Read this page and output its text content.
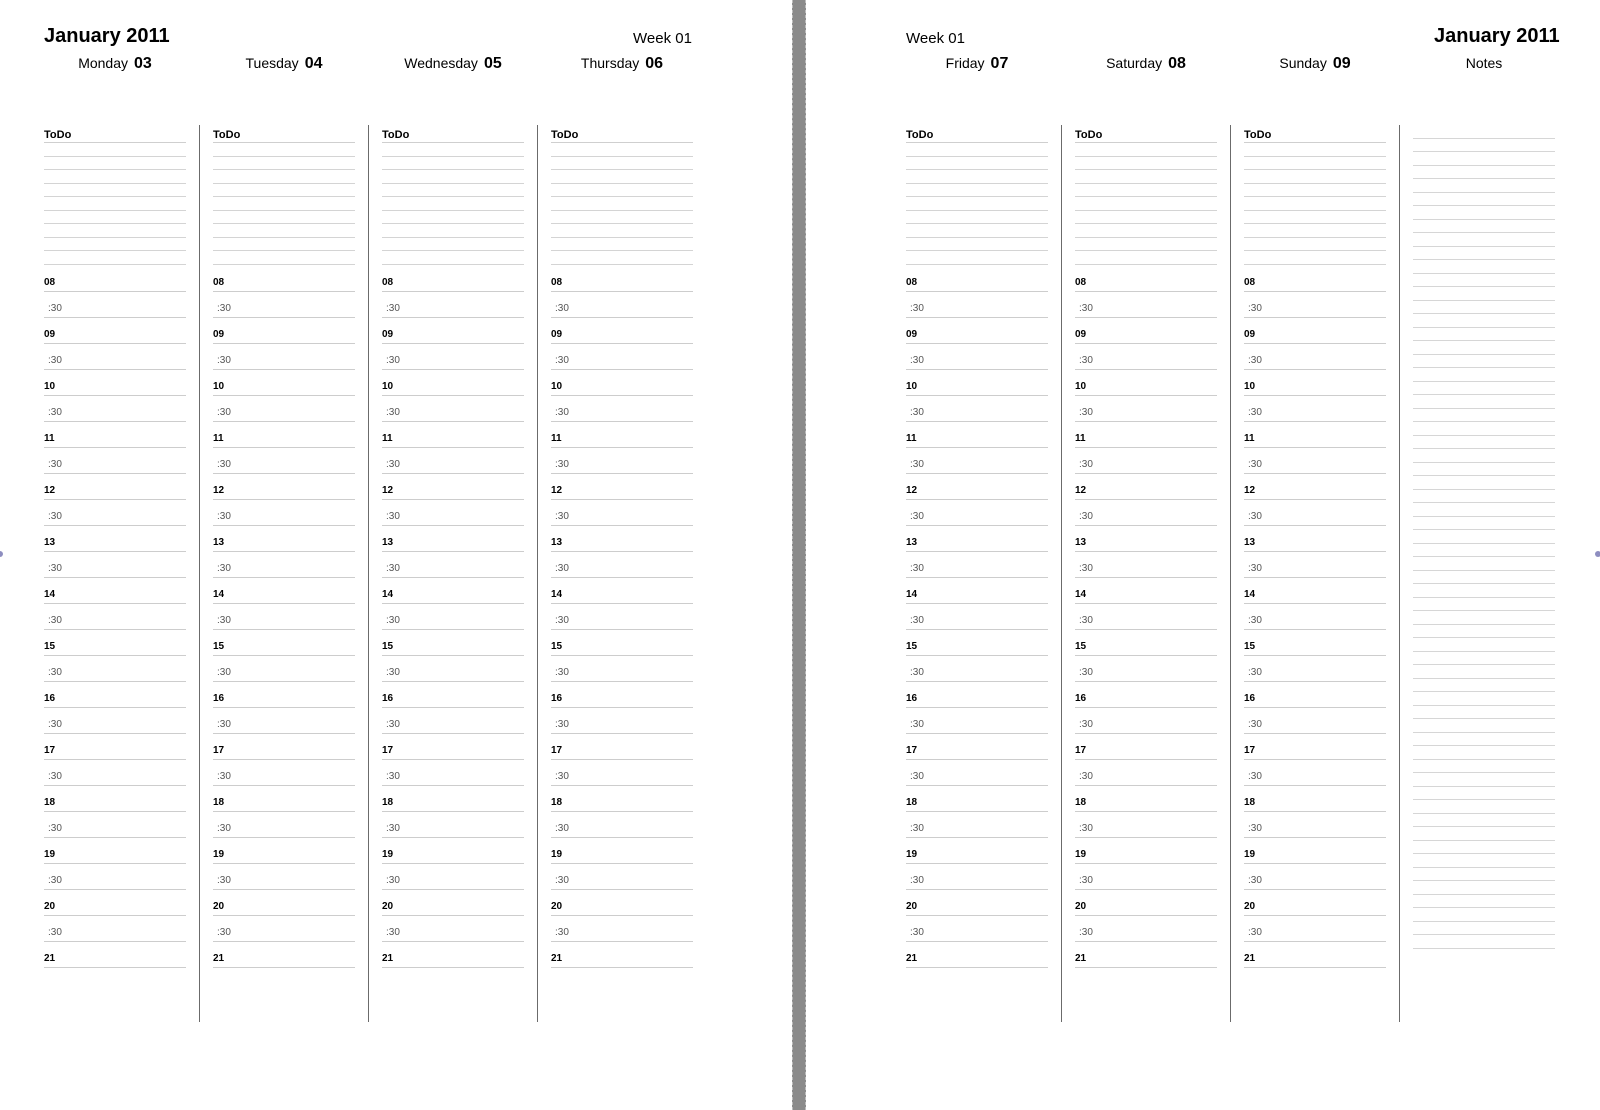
January 2011	Week 01
Monday 03	Tuesday 04	Wednesday 05	Thursday 06
ToDo
08
:30
09
:30
10
:30
11
:30
12
:30
13
:30
14
:30
15
:30
16
:30
17
:30
18
:30
19
:30
20
:30
21
ToDo
08
:30
09
:30
10
:30
11
:30
12
:30
13
:30
14
:30
15
:30
16
:30
17
:30
18
:30
19
:30
20
:30
21
ToDo
08
:30
09
:30
10
:30
11
:30
12
:30
13
:30
14
:30
15
:30
16
:30
17
:30
18
:30
19
:30
20
:30
21
ToDo
08
:30
09
:30
10
:30
11
:30
12
:30
13
:30
14
:30
15
:30
16
:30
17
:30
18
:30
19
:30
20
:30
21
Week 01	January 2011
Friday 07	Saturday 08	Sunday 09	Notes
ToDo
08
:30
09
:30
10
:30
11
:30
12
:30
13
:30
14
:30
15
:30
16
:30
17
:30
18
:30
19
:30
20
:30
21
ToDo
08
:30
09
:30
10
:30
11
:30
12
:30
13
:30
14
:30
15
:30
16
:30
17
:30
18
:30
19
:30
20
:30
21
ToDo
08
:30
09
:30
10
:30
11
:30
12
:30
13
:30
14
:30
15
:30
16
:30
17
:30
18
:30
19
:30
20
:30
21
